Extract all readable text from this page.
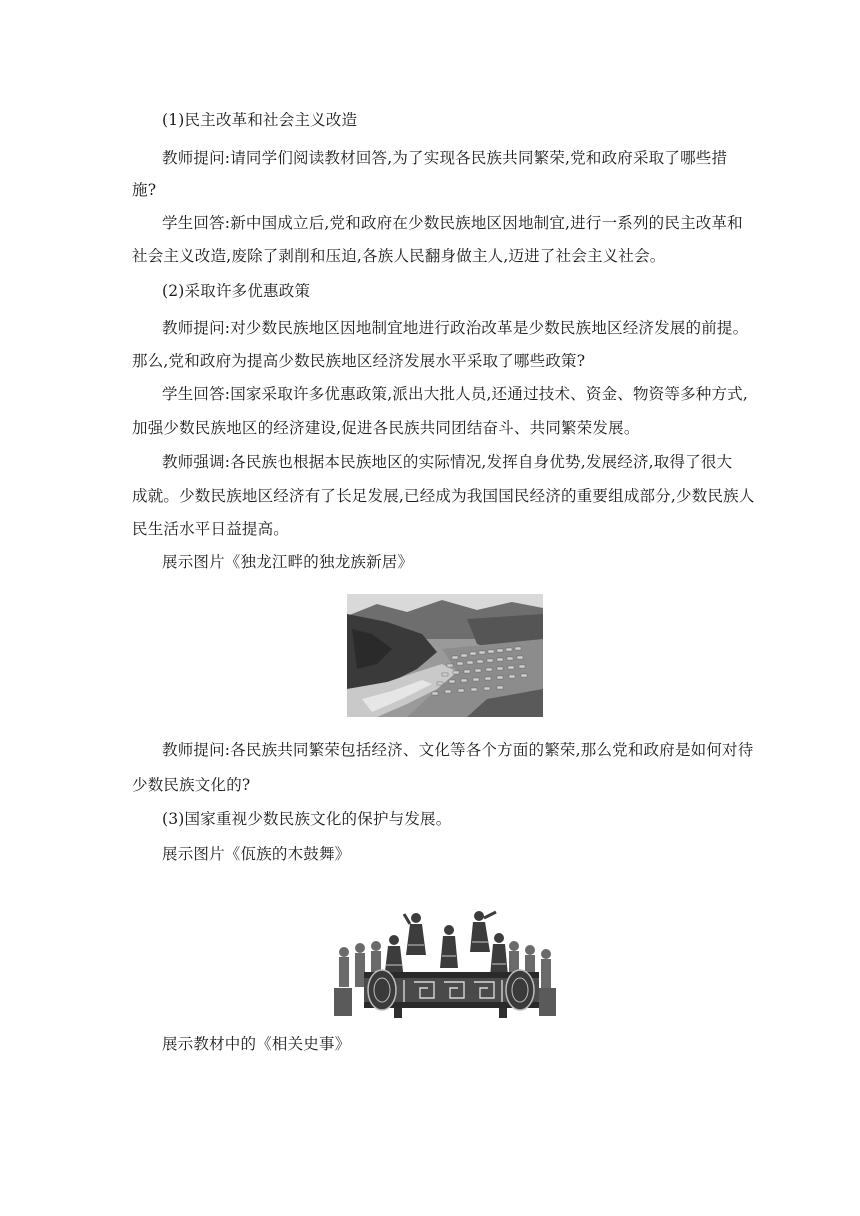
(1)民主改革和社会主义改造
教师提问:请同学们阅读教材回答,为了实现各民族共同繁荣,党和政府采取了哪些措
施?
学生回答:新中国成立后,党和政府在少数民族地区因地制宜,进行一系列的民主改革和
社会主义改造,废除了剥削和压迫,各族人民翻身做主人,迈进了社会主义社会。
(2)采取许多优惠政策
教师提问:对少数民族地区因地制宜地进行政治改革是少数民族地区经济发展的前提。
那么,党和政府为提高少数民族地区经济发展水平采取了哪些政策?
学生回答:国家采取许多优惠政策,派出大批人员,还通过技术、资金、物资等多种方式,
加强少数民族地区的经济建设,促进各民族共同团结奋斗、共同繁荣发展。
教师强调:各民族也根据本民族地区的实际情况,发挥自身优势,发展经济,取得了很大
成就。少数民族地区经济有了长足发展,已经成为我国国民经济的重要组成部分,少数民族人
民生活水平日益提高。
展示图片《独龙江畔的独龙族新居》
教师提问:各民族共同繁荣包括经济、文化等各个方面的繁荣,那么党和政府是如何对待
少数民族文化的?
(3)国家重视少数民族文化的保护与发展。
展示图片《佤族的木鼓舞》
展示教材中的《相关史事》
